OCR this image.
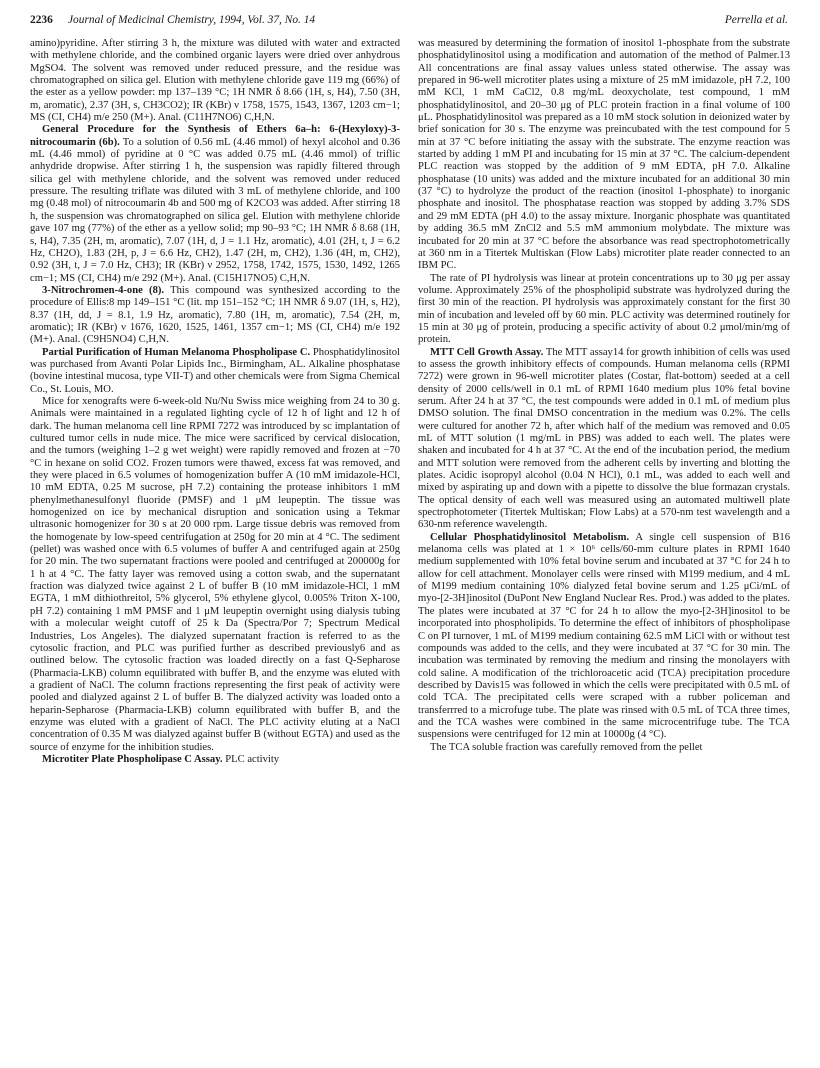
2236 Journal of Medicinal Chemistry, 1994, Vol. 37, No. 14	Perrella et al.

amino)pyridine. After stirring 3 h, the mixture was diluted with water and extracted with methylene chloride, and the combined organic layers were dried over anhydrous MgSO4. The solvent was removed under reduced pressure, and the residue was chromatographed on silica gel. Elution with methylene chloride gave 119 mg (66%) of the ester as a yellow powder: mp 137–139 °C; 1H NMR δ 8.66 (1H, s, H4), 7.50 (3H, m, aromatic), 2.37 (3H, s, CH3CO2); IR (KBr) ν 1758, 1575, 1543, 1367, 1203 cm−1; MS (CI, CH4) m/e 250 (M+). Anal. (C11H7NO6) C,H,N.

General Procedure for the Synthesis of Ethers 6a–h: 6-(Hexyloxy)-3-nitrocoumarin (6b). To a solution of 0.56 mL (4.46 mmol) of hexyl alcohol and 0.36 mL (4.46 mmol) of pyridine at 0 °C was added 0.75 mL (4.46 mmol) of triflic anhydride dropwise. After stirring 1 h, the suspension was rapidly filtered through silica gel with methylene chloride, and the solvent was removed under reduced pressure. The resulting triflate was diluted with 3 mL of methylene chloride, and 100 mg (0.48 mol) of nitrocoumarin 4b and 500 mg of K2CO3 was added. After stirring 18 h, the suspension was chromatographed on silica gel. Elution with methylene chloride gave 107 mg (77%) of the ether as a yellow solid; mp 90–93 °C; 1H NMR δ 8.68 (1H, s, H4), 7.35 (2H, m, aromatic), 7.07 (1H, d, J = 1.1 Hz, aromatic), 4.01 (2H, t, J = 6.2 Hz, CH2O), 1.83 (2H, p, J = 6.6 Hz, CH2), 1.47 (2H, m, CH2), 1.36 (4H, m, CH2), 0.92 (3H, t, J = 7.0 Hz, CH3); IR (KBr) ν 2952, 1758, 1742, 1575, 1530, 1492, 1265 cm−1; MS (CI, CH4) m/e 292 (M+). Anal. (C15H17NO5) C,H,N.

3-Nitrochromen-4-one (8). This compound was synthesized according to the procedure of Ellis:8 mp 149–151 °C (lit. mp 151–152 °C; 1H NMR δ 9.07 (1H, s, H2), 8.37 (1H, dd, J = 8.1, 1.9 Hz, aromatic), 7.80 (1H, m, aromatic), 7.54 (2H, m, aromatic); IR (KBr) ν 1676, 1620, 1525, 1461, 1357 cm−1; MS (CI, CH4) m/e 192 (M+). Anal. (C9H5NO4) C,H,N.

Partial Purification of Human Melanoma Phospholipase C. Phosphatidylinositol was purchased from Avanti Polar Lipids Inc., Birmingham, AL. Alkaline phosphatase (bovine intestinal mucosa, type VII-T) and other chemicals were from Sigma Chemical Co., St. Louis, MO.

Mice for xenografts were 6-week-old Nu/Nu Swiss mice weighing from 24 to 30 g. Animals were maintained in a regulated lighting cycle of 12 h of light and 12 h of dark. The human melanoma cell line RPMI 7272 was introduced by sc implantation of cultured tumor cells in nude mice. The mice were sacrificed by cervical dislocation, and the tumors (weighing 1–2 g wet weight) were rapidly removed and frozen at −70 °C in hexane on solid CO2. Frozen tumors were thawed, excess fat was removed, and they were placed in 6.5 volumes of homogenization buffer A (10 mM imidazole-HCl, 10 mM EDTA, 0.25 M sucrose, pH 7.2) containing the protease inhibitors 1 mM phenylmethanesulfonyl fluoride (PMSF) and 1 μM leupeptin. The tissue was homogenized on ice by mechanical disruption and sonication using a Tekmar ultrasonic homogenizer for 30 s at 20 000 rpm. Large tissue debris was removed from the homogenate by low-speed centrifugation at 250g for 20 min at 4 °C. The sediment (pellet) was washed once with 6.5 volumes of buffer A and centrifuged again at 250g for 20 min. The two supernatant fractions were pooled and centrifuged at 200000g for 1 h at 4 °C. The fatty layer was removed using a cotton swab, and the supernatant fraction was dialyzed twice against 2 L of buffer B (10 mM imidazole-HCl, 1 mM EGTA, 1 mM dithiothreitol, 5% glycerol, 5% ethylene glycol, 0.005% Triton X-100, pH 7.2) containing 1 mM PMSF and 1 μM leupeptin overnight using dialysis tubing with a molecular weight cutoff of 25 k Da (Spectra/Por 7; Spectrum Medical Industries, Los Angeles). The dialyzed supernatant fraction is referred to as the cytosolic fraction, and PLC was purified further as described previously6 and as outlined below. The cytosolic fraction was loaded directly on a fast Q-Sepharose (Pharmacia-LKB) column equilibrated with buffer B, and the enzyme was eluted with a gradient of NaCl. The column fractions representing the first peak of activity were pooled and dialyzed against 2 L of buffer B. The dialyzed activity was loaded onto a heparin-Sepharose (Pharmacia-LKB) column equilibrated with buffer B, and the enzyme was eluted with a gradient of NaCl. The PLC activity eluting at a NaCl concentration of 0.35 M was dialyzed against buffer B (without EGTA) and used as the source of enzyme for the inhibition studies.

Microtiter Plate Phospholipase C Assay. PLC activity

was measured by determining the formation of inositol 1-phosphate from the substrate phosphatidylinositol using a modification and automation of the method of Palmer.13 All concentrations are final assay values unless stated otherwise. The assay was prepared in 96-well microtiter plates using a mixture of 25 mM imidazole, pH 7.2, 100 mM KCl, 1 mM CaCl2, 0.8 mg/mL deoxycholate, test compound, 1 mM phosphatidylinositol, and 20–30 μg of PLC protein fraction in a final volume of 100 μL. Phosphatidylinositol was prepared as a 10 mM stock solution in deionized water by brief sonication for 30 s. The enzyme was preincubated with the test compound for 5 min at 37 °C before initiating the assay with the substrate. The enzyme reaction was started by adding 1 mM PI and incubating for 15 min at 37 °C. The calcium-dependent PLC reaction was stopped by the addition of 9 mM EDTA, pH 7.0. Alkaline phosphatase (10 units) was added and the mixture incubated for an additional 30 min (37 °C) to hydrolyze the product of the reaction (inositol 1-phosphate) to inorganic phosphate and inositol. The phosphatase reaction was stopped by adding 3.7% SDS and 29 mM EDTA (pH 4.0) to the assay mixture. Inorganic phosphate was quantitated by adding 36.5 mM ZnCl2 and 5.5 mM ammonium molybdate. The mixture was incubated for 20 min at 37 °C before the absorbance was read spectrophotometrically at 360 nm in a Titertek Multiskan (Flow Labs) microtiter plate reader connected to an IBM PC.

The rate of PI hydrolysis was linear at protein concentrations up to 30 μg per assay volume. Approximately 25% of the phospholipid substrate was hydrolyzed during the first 30 min of the reaction. PI hydrolysis was approximately constant for the first 30 min of incubation and leveled off by 60 min. PLC activity was determined routinely for 15 min at 30 μg of protein, producing a specific activity of about 0.2 μmol/min/mg of protein.

MTT Cell Growth Assay. The MTT assay14 for growth inhibition of cells was used to assess the growth inhibitory effects of compounds. Human melanoma cells (RPMI 7272) were grown in 96-well microtiter plates (Costar, flat-bottom) seeded at a cell density of 2000 cells/well in 0.1 mL of RPMI 1640 medium plus 10% fetal bovine serum. After 24 h at 37 °C, the test compounds were added in 0.1 mL of medium plus DMSO solution. The final DMSO concentration in the medium was 0.2%. The cells were cultured for another 72 h, after which half of the medium was removed and 0.05 mL of MTT solution (1 mg/mL in PBS) was added to each well. The plates were shaken and incubated for 4 h at 37 °C. At the end of the incubation period, the medium and MTT solution were removed from the adherent cells by inverting and blotting the plates. Acidic isopropyl alcohol (0.04 N HCl), 0.1 mL, was added to each well and mixed by aspirating up and down with a pipette to dissolve the blue formazan crystals. The optical density of each well was measured using an automated multiwell plate spectrophotometer (Titertek Multiskan; Flow Labs) at a 570-nm test wavelength and a 630-nm reference wavelength.

Cellular Phosphatidylinositol Metabolism. A single cell suspension of B16 melanoma cells was plated at 1 × 10⁶ cells/60-mm culture plates in RPMI 1640 medium supplemented with 10% fetal bovine serum and incubated at 37 °C for 24 h to allow for cell attachment. Monolayer cells were rinsed with M199 medium, and 4 mL of M199 medium containing 10% dialyzed fetal bovine serum and 1.25 μCi/mL of myo-[2-3H]inositol (DuPont New England Nuclear Res. Prod.) was added to the plates. The plates were incubated at 37 °C for 24 h to allow the myo-[2-3H]inositol to be incorporated into phospholipids. To determine the effect of inhibitors of phospholipase C on PI turnover, 1 mL of M199 medium containing 62.5 mM LiCl with or without test compounds was added to the cells, and they were incubated at 37 °C for 30 min. The incubation was terminated by removing the medium and rinsing the monolayers with cold saline. A modification of the trichloroacetic acid (TCA) precipitation procedure described by Davis15 was followed in which the cells were precipitated with 0.5 mL of cold TCA. The precipitated cells were scraped with a rubber policeman and transferrred to a microfuge tube. The plate was rinsed with 0.5 mL of TCA three times, and the TCA washes were combined in the same microcentrifuge tube. The TCA suspensions were centrifuged for 12 min at 10000g (4 °C).

The TCA soluble fraction was carefully removed from the pellet
